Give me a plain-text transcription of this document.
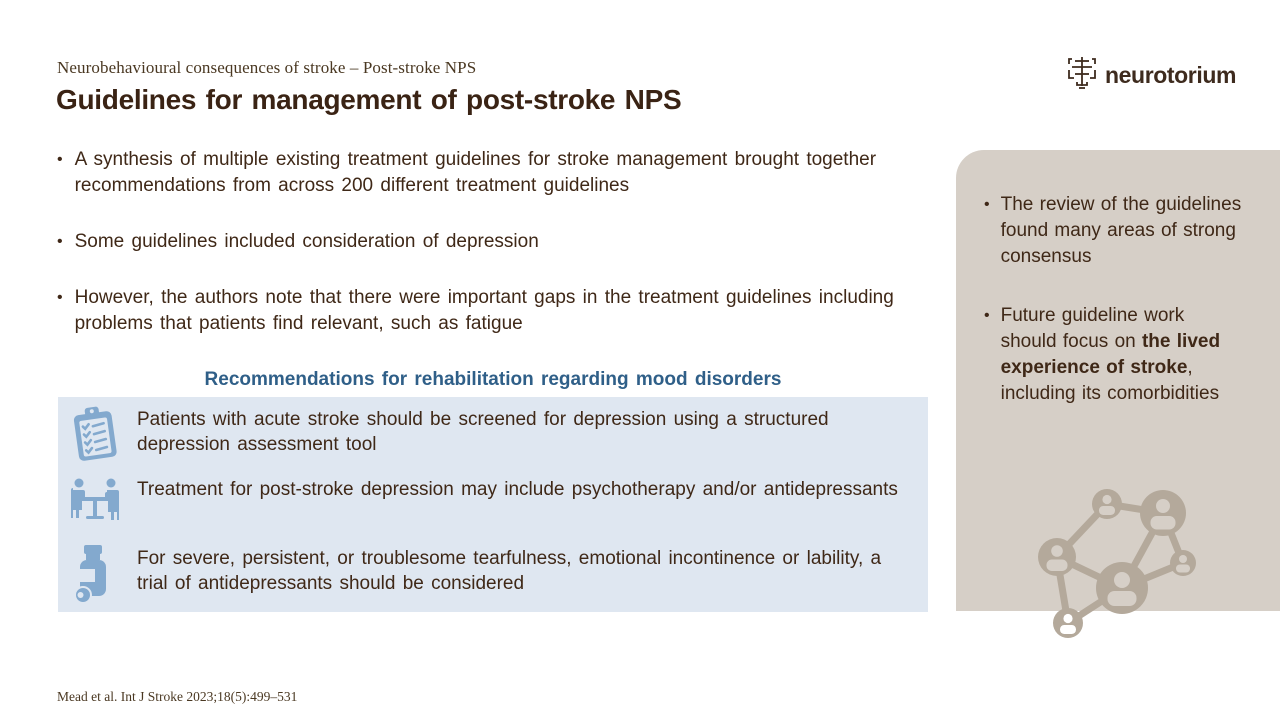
Neurobehavioural consequences of stroke – Post-stroke NPS
Guidelines for management of post-stroke NPS
neurotorium
• A synthesis of multiple existing treatment guidelines for stroke management brought together recommendations from across 200 different treatment guidelines
• Some guidelines included consideration of depression
• However, the authors note that there were important gaps in the treatment guidelines including problems that patients find relevant, such as fatigue
Recommendations for rehabilitation regarding mood disorders
Patients with acute stroke should be screened for depression using a structured depression assessment tool
Treatment for post-stroke depression may include psychotherapy and/or antidepressants
For severe, persistent, or troublesome tearfulness, emotional incontinence or lability, a trial of antidepressants should be considered
• The review of the guidelines found many areas of strong consensus
• Future guideline work should focus on the lived experience of stroke, including its comorbidities
Mead et al. Int J Stroke 2023;18(5):499–531
